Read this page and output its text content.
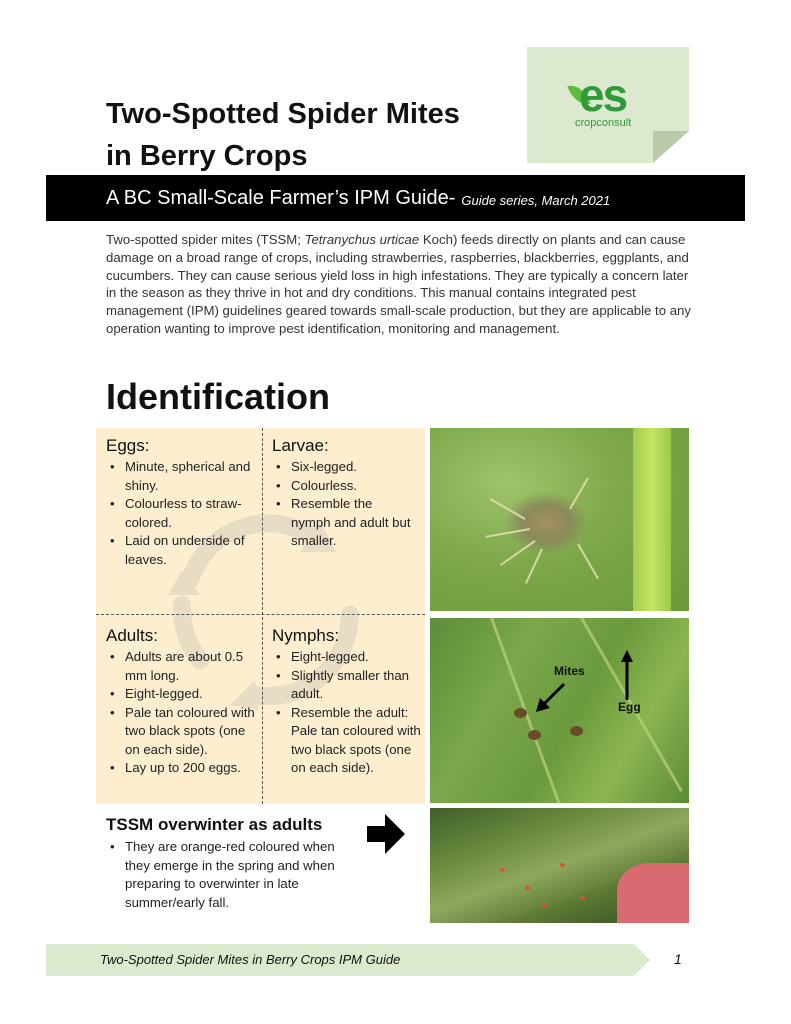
Two-Spotted Spider Mites
in Berry Crops
es
cropconsult
A BC Small-Scale Farmer’s IPM Guide- Guide series, March 2021

Two-spotted spider mites (TSSM; Tetranychus urticae Koch) feeds directly on plants and can cause damage on a broad range of crops, including strawberries, raspberries, blackberries, eggplants, and cucumbers. They can cause serious yield loss in high infestations. They are typically a concern later in the season as they thrive in hot and dry conditions. This manual contains integrated pest management (IPM) guidelines geared towards small-scale production, but they are applicable to any operation wanting to improve pest identification, monitoring and management.

Identification
Eggs:
• Minute, spherical and shiny.
• Colourless to straw-colored.
• Laid on underside of leaves.
Larvae:
• Six-legged.
• Colourless.
• Resemble the nymph and adult but smaller.
Adults:
• Adults are about 0.5 mm long.
• Eight-legged.
• Pale tan coloured with two black spots (one on each side).
• Lay up to 200 eggs.
Nymphs:
• Eight-legged.
• Slightly smaller than adult.
• Resemble the adult: Pale tan coloured with two black spots (one on each side).
Mites
Egg
TSSM overwinter as adults
• They are orange-red coloured when they emerge in the spring and when preparing to overwinter in late summer/early fall.
Two-Spotted Spider Mites in Berry Crops IPM Guide	1
